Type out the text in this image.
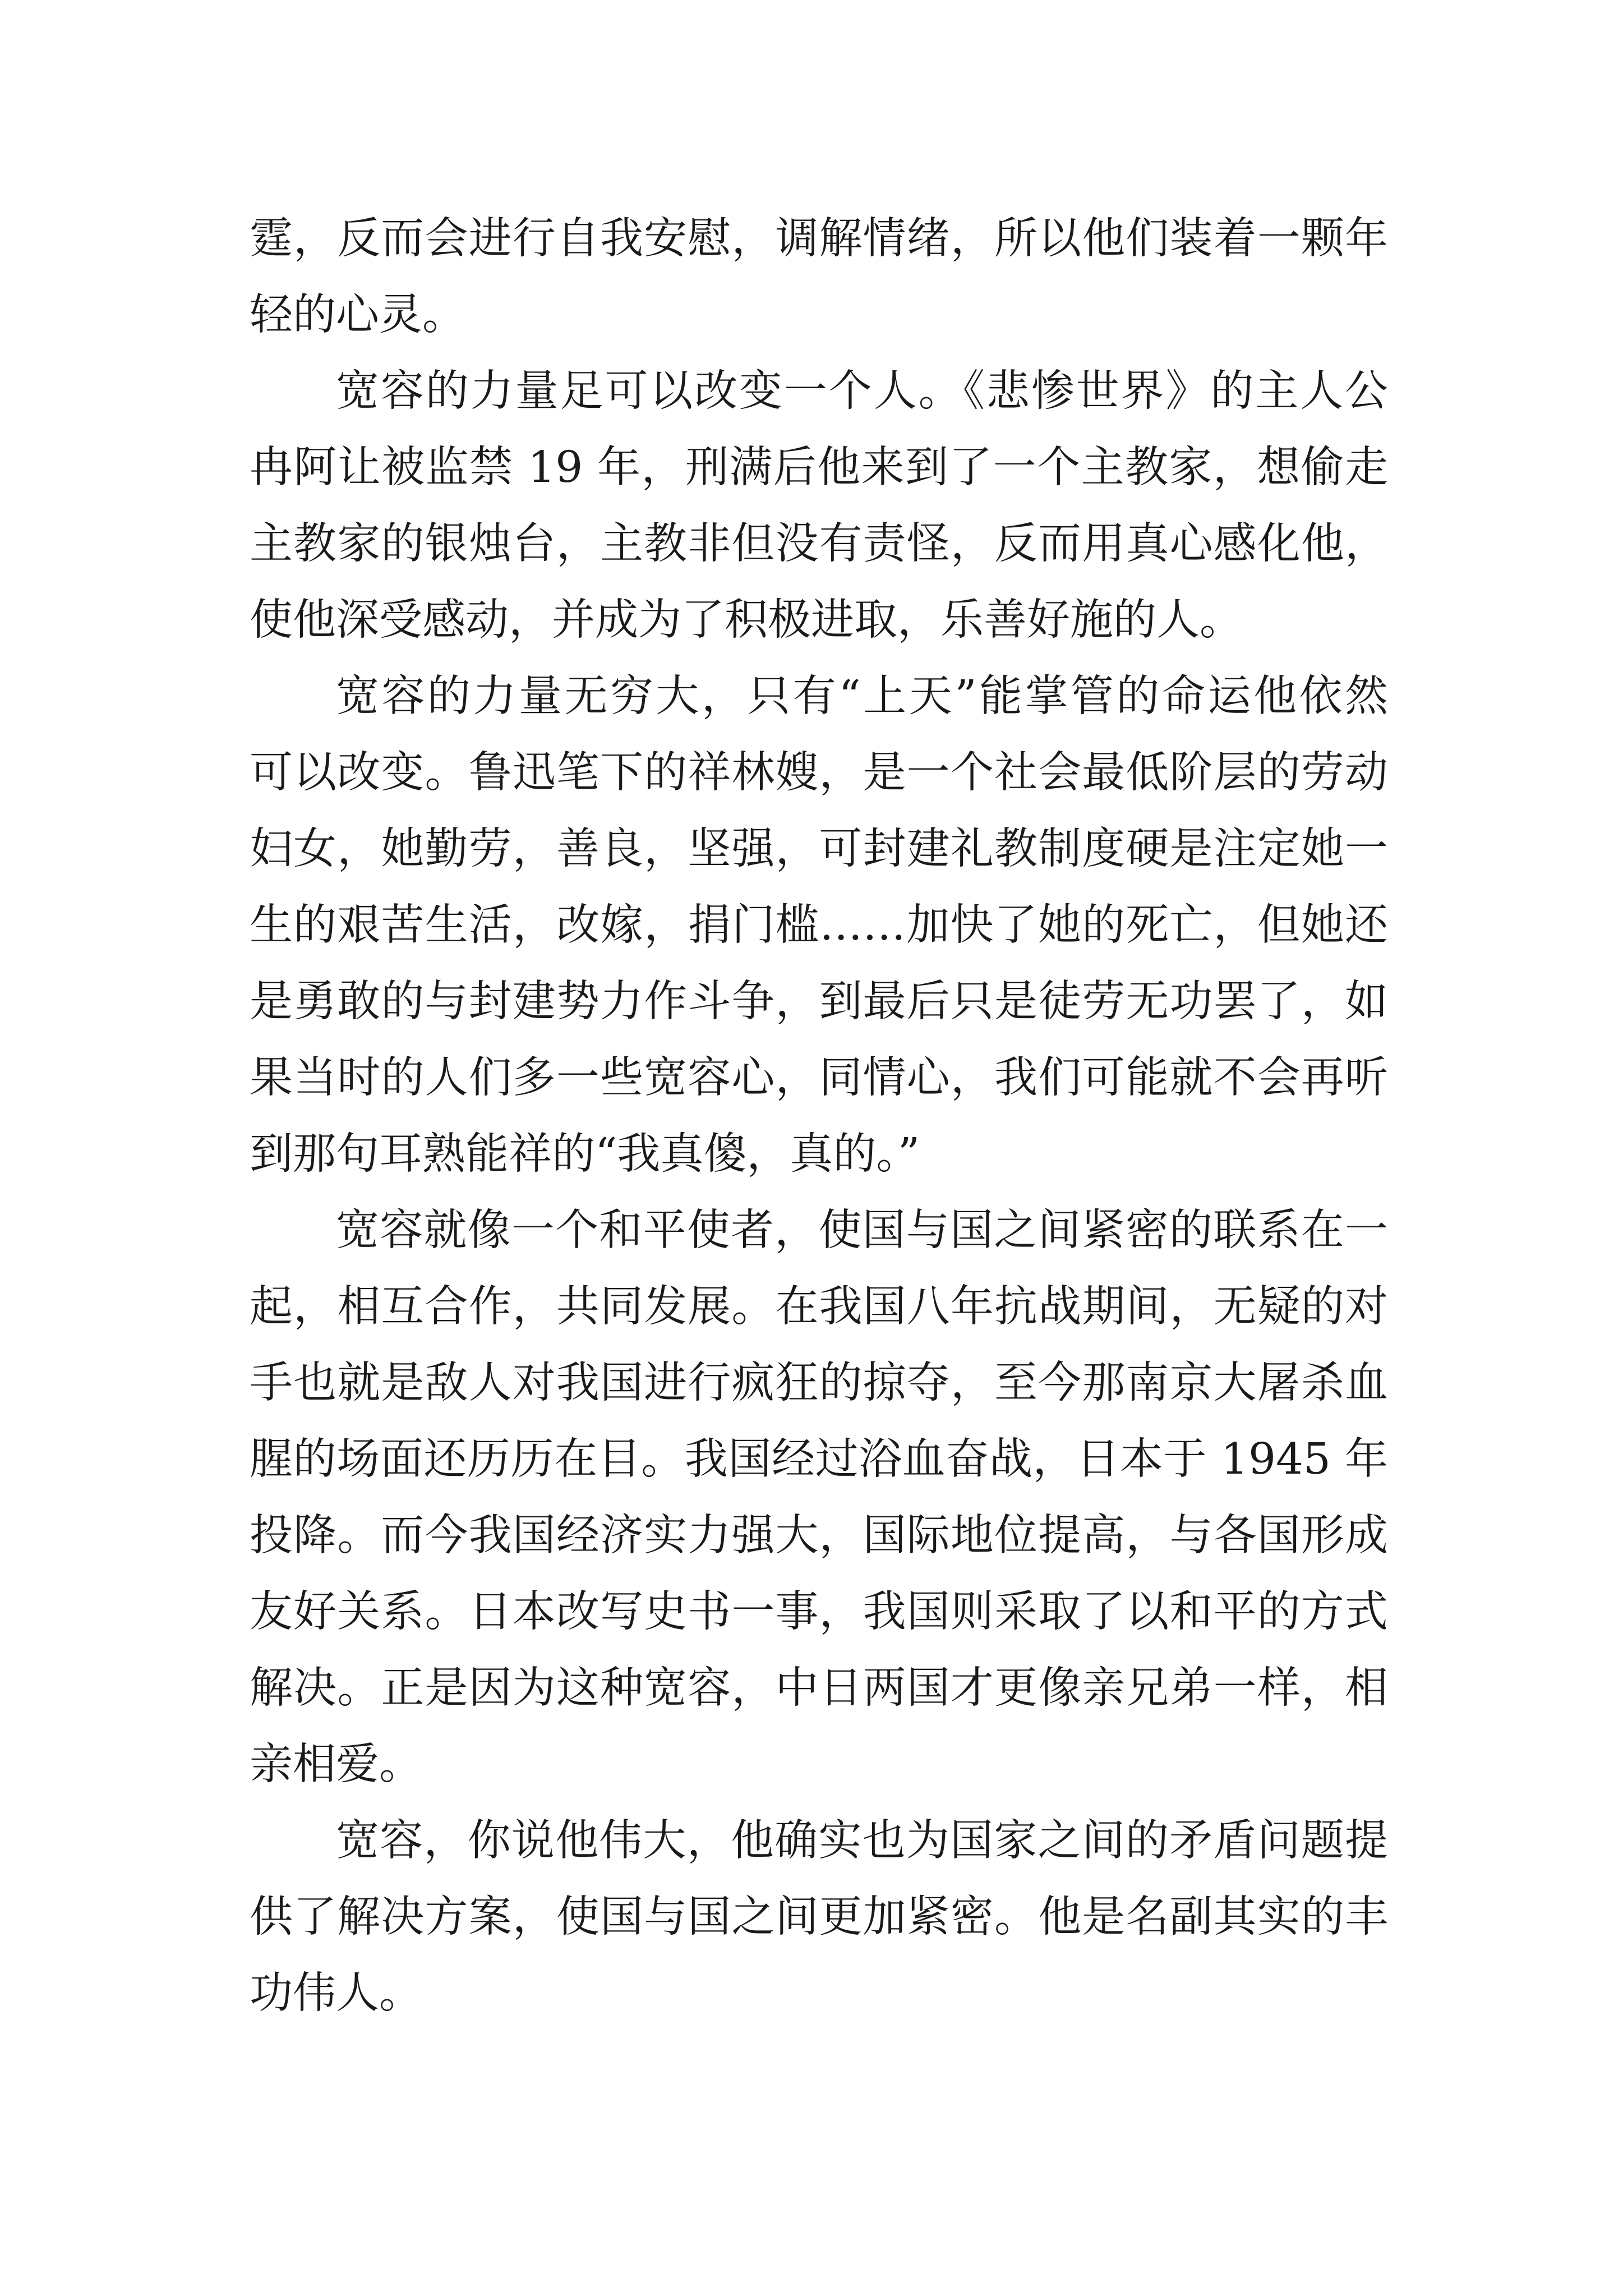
霆，反而会进行自我安慰，调解情绪，所以他们装着一颗年
轻的心灵。
宽容的力量足可以改变一个人。《悲惨世界》的主人公
冉阿让被监禁 19 年，刑满后他来到了一个主教家，想偷走
主教家的银烛台，主教非但没有责怪，反而用真心感化他，
使他深受感动，并成为了积极进取，乐善好施的人。
宽容的力量无穷大，只有“上天”能掌管的命运他依然
可以改变。鲁迅笔下的祥林嫂，是一个社会最低阶层的劳动
妇女，她勤劳，善良，坚强，可封建礼教制度硬是注定她一
生的艰苦生活，改嫁，捐门槛……加快了她的死亡，但她还
是勇敢的与封建势力作斗争，到最后只是徒劳无功罢了，如
果当时的人们多一些宽容心，同情心，我们可能就不会再听
到那句耳熟能祥的“我真傻，真的。”
宽容就像一个和平使者，使国与国之间紧密的联系在一
起，相互合作，共同发展。在我国八年抗战期间，无疑的对
手也就是敌人对我国进行疯狂的掠夺，至今那南京大屠杀血
腥的场面还历历在目。我国经过浴血奋战，日本于 1945 年
投降。而今我国经济实力强大，国际地位提高，与各国形成
友好关系。日本改写史书一事，我国则采取了以和平的方式
解决。正是因为这种宽容，中日两国才更像亲兄弟一样，相
亲相爱。
宽容，你说他伟大，他确实也为国家之间的矛盾问题提
供了解决方案，使国与国之间更加紧密。他是名副其实的丰
功伟人。
